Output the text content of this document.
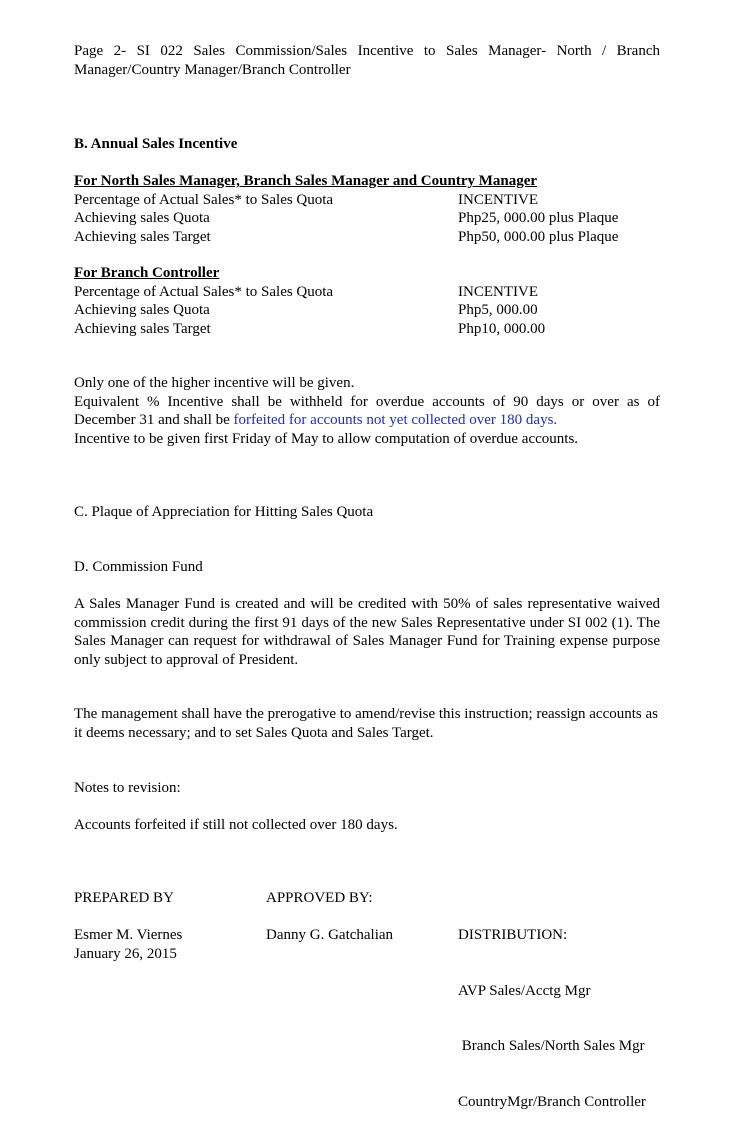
Page 2- SI 022 Sales Commission/Sales Incentive to Sales Manager- North / Branch Manager/Country Manager/Branch Controller
B. Annual Sales Incentive
For North Sales Manager, Branch Sales Manager and Country Manager
Percentage of Actual Sales* to Sales Quota	INCENTIVE
Achieving sales Quota	Php25, 000.00 plus Plaque
Achieving sales Target	Php50, 000.00 plus Plaque
For Branch Controller
Percentage of Actual Sales* to Sales Quota	INCENTIVE
Achieving sales Quota	Php5, 000.00
Achieving sales Target	Php10, 000.00
Only one of the higher incentive will be given.
Equivalent % Incentive shall be withheld for overdue accounts of 90 days or over as of December 31 and shall be forfeited for accounts not yet collected over 180 days.
Incentive to be given first Friday of May to allow computation of overdue accounts.
C. Plaque of Appreciation for Hitting Sales Quota
D. Commission Fund
A Sales Manager Fund is created and will be credited with 50% of sales representative waived commission credit during the first 91 days of the new Sales Representative under SI 002 (1). The Sales Manager can request for withdrawal of Sales Manager Fund for Training expense purpose only subject to approval of President.
The management shall have the prerogative to amend/revise this instruction; reassign accounts as it deems necessary; and to set Sales Quota and Sales Target.
Notes to revision:
Accounts forfeited if still not collected over 180 days.
PREPARED BY
Esmer M. Viernes
January 26, 2015
APPROVED BY:
Danny G. Gatchalian

	DISTRIBUTION:

AVP Sales/Acctg Mgr

Branch Sales/North Sales Mgr

CountryMgr/Branch Controller
